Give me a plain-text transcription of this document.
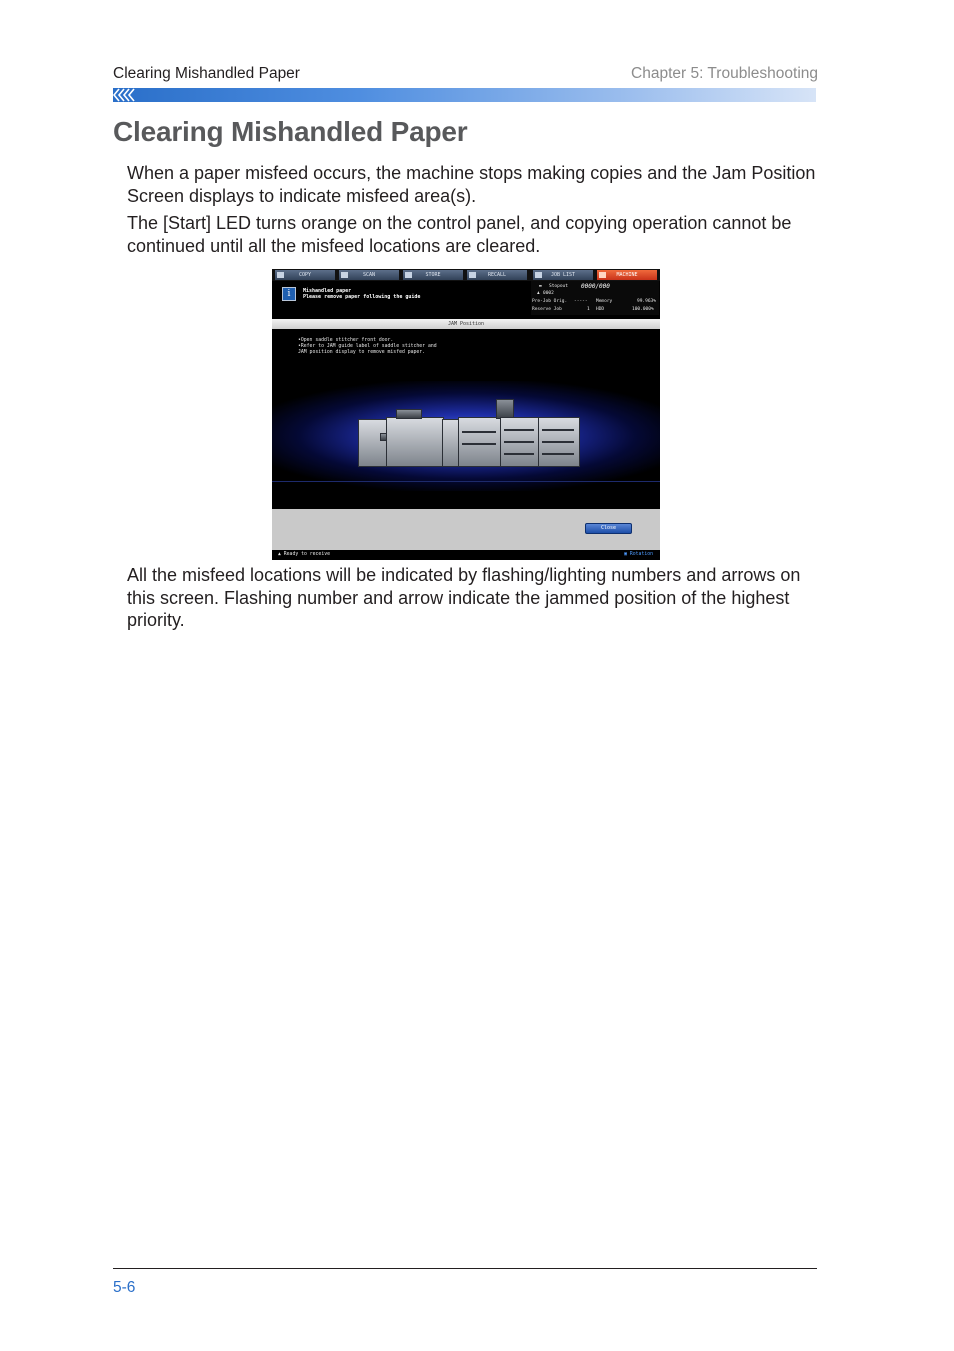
Clearing Mishandled Paper	Chapter 5: Troubleshooting
Clearing Mishandled Paper

When a paper misfeed occurs, the machine stops making copies and the Jam Position Screen displays to indicate misfeed area(s).

The [Start] LED turns orange on the control panel, and copying operation cannot be continued until all the misfeed locations are cleared.

COPY	SCAN	STORE	RECALL	JOB LIST	MACHINE
i	Mishandled paper
Please remove paper following the guide
▬ Stopout 0000/000
♟ 0002
Pre-Job Orig. ----- Memory	99.963%
Reserve Job	1 HDD	100.000%
JAM Position
•Open saddle stitcher front door.
•Refer to JAM guide label of saddle stitcher and
JAM position display to remove misfed paper.
Close
▲ Ready to receive	▣ Rotation

All the misfeed locations will be indicated by flashing/lighting numbers and arrows on this screen. Flashing number and arrow indicate the jammed position of the highest priority.

5-6
